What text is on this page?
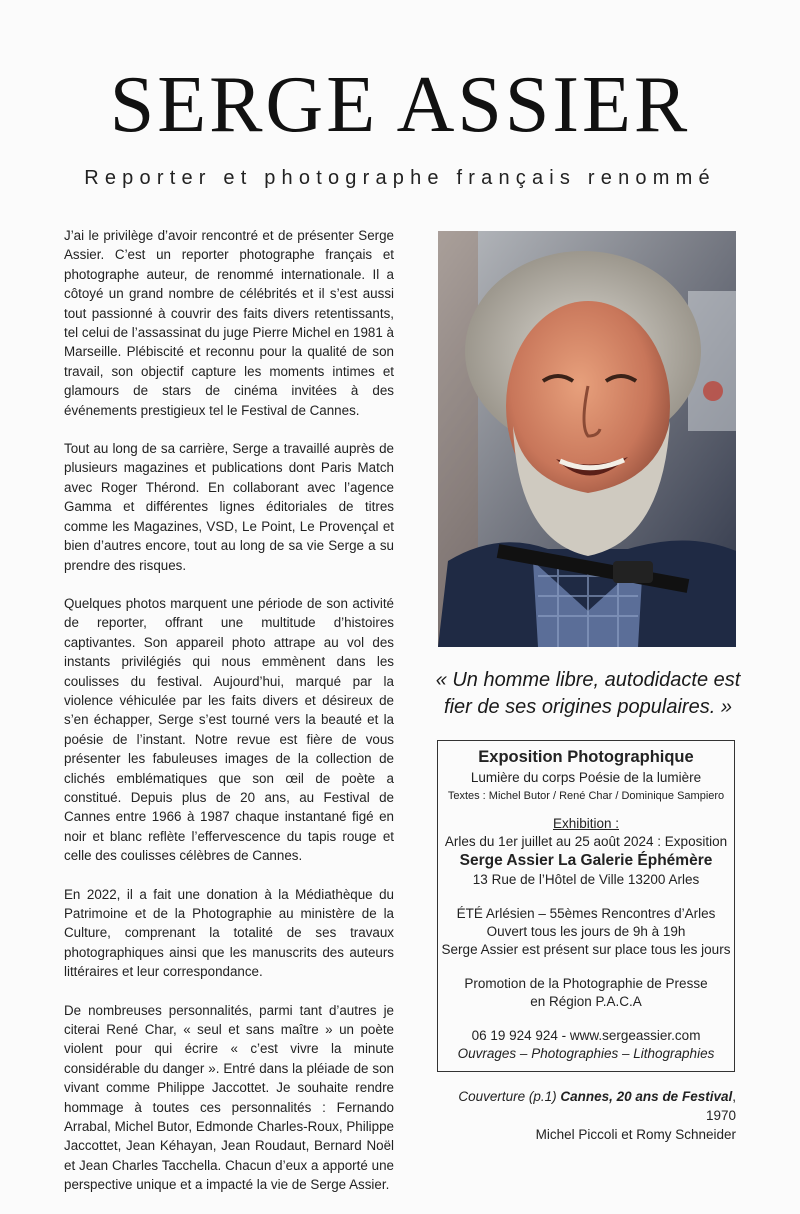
SERGE ASSIER
Reporter et photographe français renommé

J’ai le privilège d’avoir rencontré et de présenter Serge Assier. C’est un reporter photographe français et photographe auteur, de renommé internationale. Il a côtoyé un grand nombre de célébrités et il s’est aussi tout passionné à couvrir des faits divers retentissants, tel celui de l’assassinat du juge Pierre Michel en 1981 à Marseille. Plébiscité et reconnu pour la qualité de son travail, son objectif capture les moments intimes et glamours de stars de cinéma invitées à des événements prestigieux tel le Festival de Cannes.

Tout au long de sa carrière, Serge a travaillé auprès de plusieurs magazines et publications dont Paris Match avec Roger Thérond. En collaborant avec l’agence Gamma et différentes lignes éditoriales de titres comme les Magazines, VSD, Le Point, Le Provençal et bien d’autres encore, tout au long de sa vie Serge a su prendre des risques.

Quelques photos marquent une période de son activité de reporter, offrant une multitude d’histoires captivantes. Son appareil photo attrape au vol des instants privilégiés qui nous emmènent dans les coulisses du festival. Aujourd’hui, marqué par la violence véhiculée par les faits divers et désireux de s’en échapper, Serge s’est tourné vers la beauté et la poésie de l’instant. Notre revue est fière de vous présenter les fabuleuses images de la collection de clichés emblématiques que son œil de poète a constitué. Depuis plus de 20 ans, au Festival de Cannes entre 1966 à 1987 chaque instantané figé en noir et blanc reflète l’effervescence du tapis rouge et celle des coulisses célèbres de Cannes.

En 2022, il a fait une donation à la Médiathèque du Patrimoine et de la Photographie au ministère de la Culture, comprenant la totalité de ses travaux photographiques ainsi que les manuscrits des auteurs littéraires et leur correspondance.

De nombreuses personnalités, parmi tant d’autres je citerai René Char, « seul et sans maître » un poète violent pour qui écrire « c’est vivre la minute considérable du danger ». Entré dans la pléiade de son vivant comme Philippe Jaccottet. Je souhaite rendre hommage à toutes ces personnalités : Fernando Arrabal, Michel Butor, Edmonde Charles-Roux, Philippe Jaccottet, Jean Kéhayan, Jean Roudaut, Bernard Noël et Jean Charles Tacchella. Chacun d’eux a apporté une perspective unique et a impacté la vie de Serge Assier.

« Un homme libre, autodidacte est fier de ses origines populaires. »
Exposition Photographique
Lumière du corps Poésie de la lumière
Textes : Michel Butor / René Char / Dominique Sampiero
Exhibition :
Arles du 1er juillet au 25 août 2024 : Exposition
Serge Assier La Galerie Éphémère
13 Rue de l’Hôtel de Ville 13200 Arles
ÉTÉ Arlésien – 55èmes Rencontres d’Arles
Ouvert tous les jours de 9h à 19h
Serge Assier est présent sur place tous les jours
Promotion de la Photographie de Presse
en Région P.A.C.A
06 19 924 924 - www.sergeassier.com
Ouvrages – Photographies – Lithographies
Couverture (p.1) Cannes, 20 ans de Festival, 1970
Michel Piccoli et Romy Schneider
